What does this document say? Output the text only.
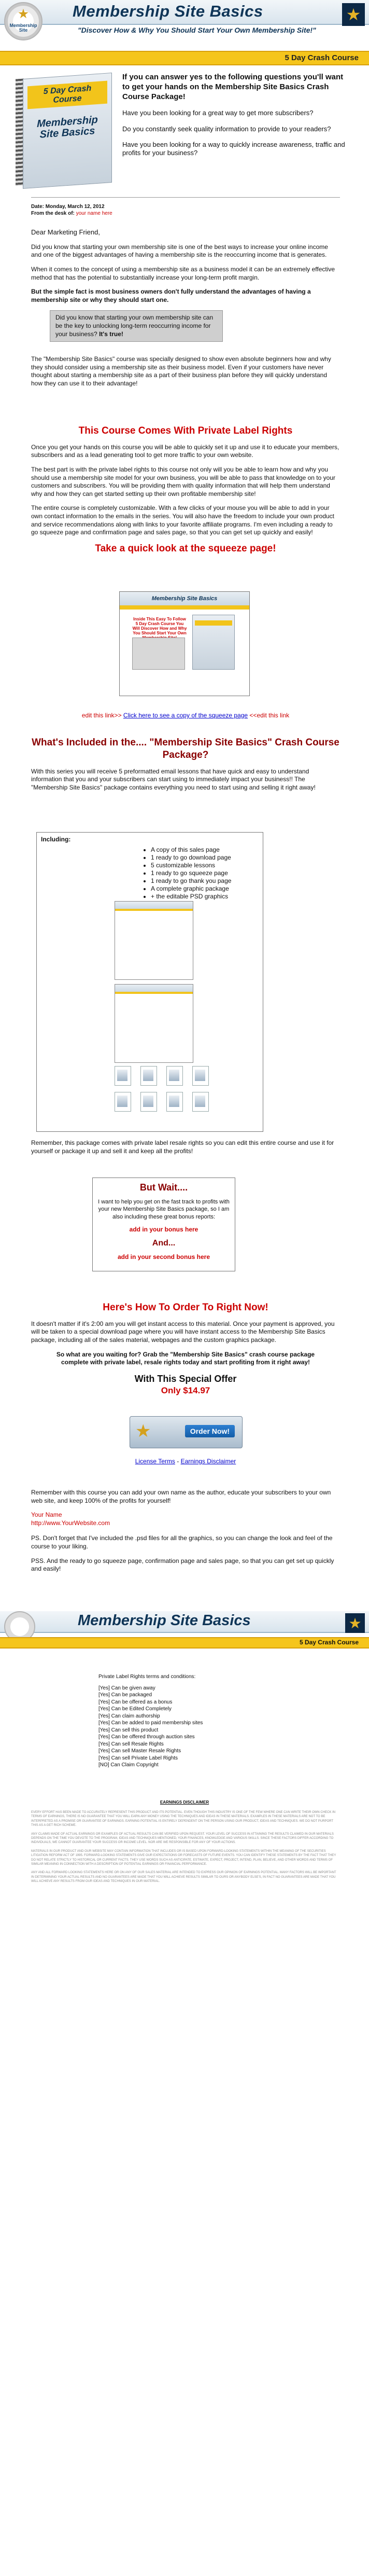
★
Membership Site
Membership Site Basics	★
"Discover How & Why You Should Start Your Own Membership Site!"
5 Day Crash Course
5 Day Crash Course
Membership Site Basics

If you can answer yes to the following questions you'll want to get your hands on the Membership Site Basics Crash Course Package!

Have you been looking for a great way to get more subscribers?

Do you constantly seek quality information to provide to your readers?

Have you been looking for a way to quickly increase awareness, traffic and profits for your business?

Date: Monday, March 12, 2012
From the desk of: your name here

Dear Marketing Friend,

Did you know that starting your own membership site is one of the best ways to increase your online income and one of the biggest advantages of having a membership site is the reoccurring income that is generates.

When it comes to the concept of using a membership site as a business model it can be an extremely effective method that has the potential to substantially increase your long-term profit margin.

But the simple fact is most business owners don't fully understand the advantages of having a membership site or why they should start one.

Did you know that starting your own membership site can be the key to unlocking long-term reoccurring income for your business? It's true!

The "Membership Site Basics" course was specially designed to show even absolute beginners how and why they should consider using a membership site as their business model. Even if your customers have never thought about starting a membership site as a part of their business plan before they will quickly understand how they can use it to their advantage!

This Course Comes With Private Label Rights

Once you get your hands on this course you will be able to quickly set it up and use it to educate your members, subscribers and as a lead generating tool to get more traffic to your own website.

The best part is with the private label rights to this course not only will you be able to learn how and why you should use a membership site model for your own business, you will be able to pass that knowledge on to your customers and subscribers. You will be providing them with quality information that will help them understand why and how they can get started setting up their own profitable membership site!

The entire course is completely customizable. With a few clicks of your mouse you will be able to add in your own contact information to the emails in the series. You will also have the freedom to include your own product and service recommendations along with links to your favorite affiliate programs. I'm even including a ready to go squeeze page and confirmation page and sales page, so that you can get set up quickly and easily!

Take a quick look at the squeeze page!
Membership Site Basics
Inside This Easy To Follow 5 Day Crash Course You Will Discover How and Why You Should Start Your Own
edit this link>> Click here to see a copy of the squeeze page <<edit this link
What's Included in the.... "Membership Site Basics" Crash Course Package?

With this series you will receive 5 preformatted email lessons that have quick and easy to understand information that you and your subscribers can start using to immediately impact your business!! The "Membership Site Basics" package contains everything you need to start using and selling it right away!

Including:
• A copy of this sales page
• 1 ready to go download page
• 5 customizable lessons
• 1 ready to go squeeze page
• 1 ready to go thank you page
• A complete graphic package
• + the editable PSD graphics

Remember, this package comes with private label resale rights so you can edit this entire course and use it for yourself or package it up and sell it and keep all the profits!

But Wait....

I want to help you get on the fast track to profits with your new Membership Site Basics package, so I am also including these great bonus reports:

add in your bonus here

And...

add in your second bonus here

Here's How To Order To Right Now!

It doesn't matter if it's 2:00 am you will get instant access to this material. Once your payment is approved, you will be taken to a special download page where you will have instant access to the Membership Site Basics package, including all of the sales material, webpages and the custom graphics package.

So what are you waiting for? Grab the "Membership Site Basics" crash course package complete with private label, resale rights today and start profiting from it right away!

With This Special Offer
Only $14.97
★	Order Now!
License Terms - Earnings Disclaimer

Remember with this course you can add your own name as the author, educate your subscribers to your own web site, and keep 100% of the profits for yourself!

Your Name
http://www.YourWebsite.com

PS. Don't forget that I've included the .psd files for all the graphics, so you can change the look and feel of the course to your liking.

PSS. And the ready to go squeeze page, confirmation page and sales page, so that you can get set up quickly and easily!

Membership Site Basics	★
5 Day Crash Course
Private Label Rights terms and conditions:
[Yes] Can be given away
[Yes] Can be packaged
[Yes] Can be offered as a bonus
[Yes] Can be Edited Completely
[Yes] Can claim authorship
[Yes] Can be added to paid membership sites
[Yes] Can sell this product
[Yes] Can be offered through auction sites
[Yes] Can sell Resale Rights
[Yes] Can sell Master Resale Rights
[Yes] Can sell Private Label Rights
[NO] Can Claim Copyright
EARNINGS DISCLAIMER

EVERY EFFORT HAS BEEN MADE TO ACCURATELY REPRESENT THIS PRODUCT AND ITS POTENTIAL. EVEN THOUGH THIS INDUSTRY IS ONE OF THE FEW WHERE ONE CAN WRITE THEIR OWN CHECK IN TERMS OF EARNINGS, THERE IS NO GUARANTEE THAT YOU WILL EARN ANY MONEY USING THE TECHNIQUES AND IDEAS IN THESE MATERIALS. EXAMPLES IN THESE MATERIALS ARE NOT TO BE INTERPRETED AS A PROMISE OR GUARANTEE OF EARNINGS. EARNING POTENTIAL IS ENTIRELY DEPENDENT ON THE PERSON USING OUR PRODUCT, IDEAS AND TECHNIQUES. WE DO NOT PURPORT THIS AS A GET RICH SCHEME.

ANY CLAIMS MADE OF ACTUAL EARNINGS OR EXAMPLES OF ACTUAL RESULTS CAN BE VERIFIED UPON REQUEST. YOUR LEVEL OF SUCCESS IN ATTAINING THE RESULTS CLAIMED IN OUR MATERIALS DEPENDS ON THE TIME YOU DEVOTE TO THE PROGRAM, IDEAS AND TECHNIQUES MENTIONED, YOUR FINANCES, KNOWLEDGE AND VARIOUS SKILLS. SINCE THESE FACTORS DIFFER ACCORDING TO INDIVIDUALS, WE CANNOT GUARANTEE YOUR SUCCESS OR INCOME LEVEL. NOR ARE WE RESPONSIBLE FOR ANY OF YOUR ACTIONS.

MATERIALS IN OUR PRODUCT AND OUR WEBSITE MAY CONTAIN INFORMATION THAT INCLUDES OR IS BASED UPON FORWARD-LOOKING STATEMENTS WITHIN THE MEANING OF THE SECURITIES LITIGATION REFORM ACT OF 1995. FORWARD-LOOKING STATEMENTS GIVE OUR EXPECTATIONS OR FORECASTS OF FUTURE EVENTS. YOU CAN IDENTIFY THESE STATEMENTS BY THE FACT THAT THEY DO NOT RELATE STRICTLY TO HISTORICAL OR CURRENT FACTS. THEY USE WORDS SUCH AS ANTICIPATE, ESTIMATE, EXPECT, PROJECT, INTEND, PLAN, BELIEVE, AND OTHER WORDS AND TERMS OF SIMILAR MEANING IN CONNECTION WITH A DESCRIPTION OF POTENTIAL EARNINGS OR FINANCIAL PERFORMANCE.

ANY AND ALL FORWARD LOOKING STATEMENTS HERE OR ON ANY OF OUR SALES MATERIAL ARE INTENDED TO EXPRESS OUR OPINION OF EARNINGS POTENTIAL. MANY FACTORS WILL BE IMPORTANT IN DETERMINING YOUR ACTUAL RESULTS AND NO GUARANTEES ARE MADE THAT YOU WILL ACHIEVE RESULTS SIMILAR TO OURS OR ANYBODY ELSE'S, IN FACT NO GUARANTEES ARE MADE THAT YOU WILL ACHIEVE ANY RESULTS FROM OUR IDEAS AND TECHNIQUES IN OUR MATERIAL.
